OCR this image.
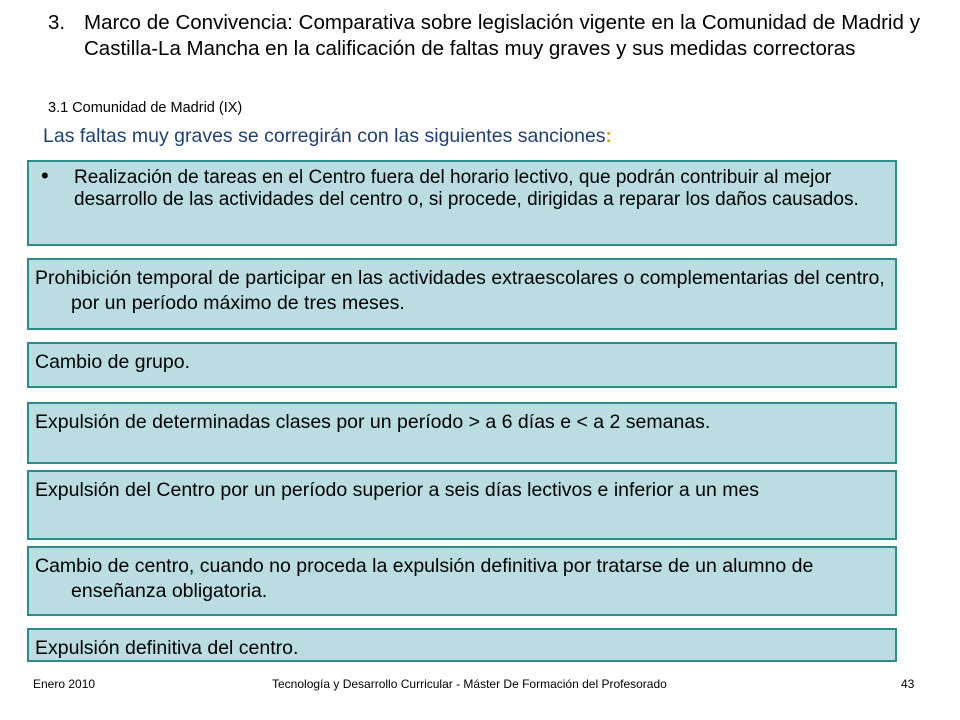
3. Marco de Convivencia: Comparativa sobre legislación vigente en la Comunidad de Madrid y Castilla-La Mancha en la calificación de faltas muy graves y sus medidas correctoras
3.1 Comunidad de Madrid (IX)
Las faltas muy graves se corregirán con las siguientes sanciones:
• Realización de tareas en el Centro fuera del horario lectivo, que podrán contribuir al mejor desarrollo de las actividades del centro o, si procede, dirigidas a reparar los daños causados.
Prohibición temporal de participar en las actividades extraescolares o complementarias del centro, por un período máximo de tres meses.
Cambio de grupo.
Expulsión de determinadas clases por un período > a 6 días e < a 2 semanas.
Expulsión del Centro por un período superior a seis días lectivos e inferior a un mes
Cambio de centro, cuando no proceda la expulsión definitiva por tratarse de un alumno de enseñanza obligatoria.
Expulsión definitiva del centro.
Enero 2010	Tecnología y Desarrollo Curricular - Máster De Formación del Profesorado	43
